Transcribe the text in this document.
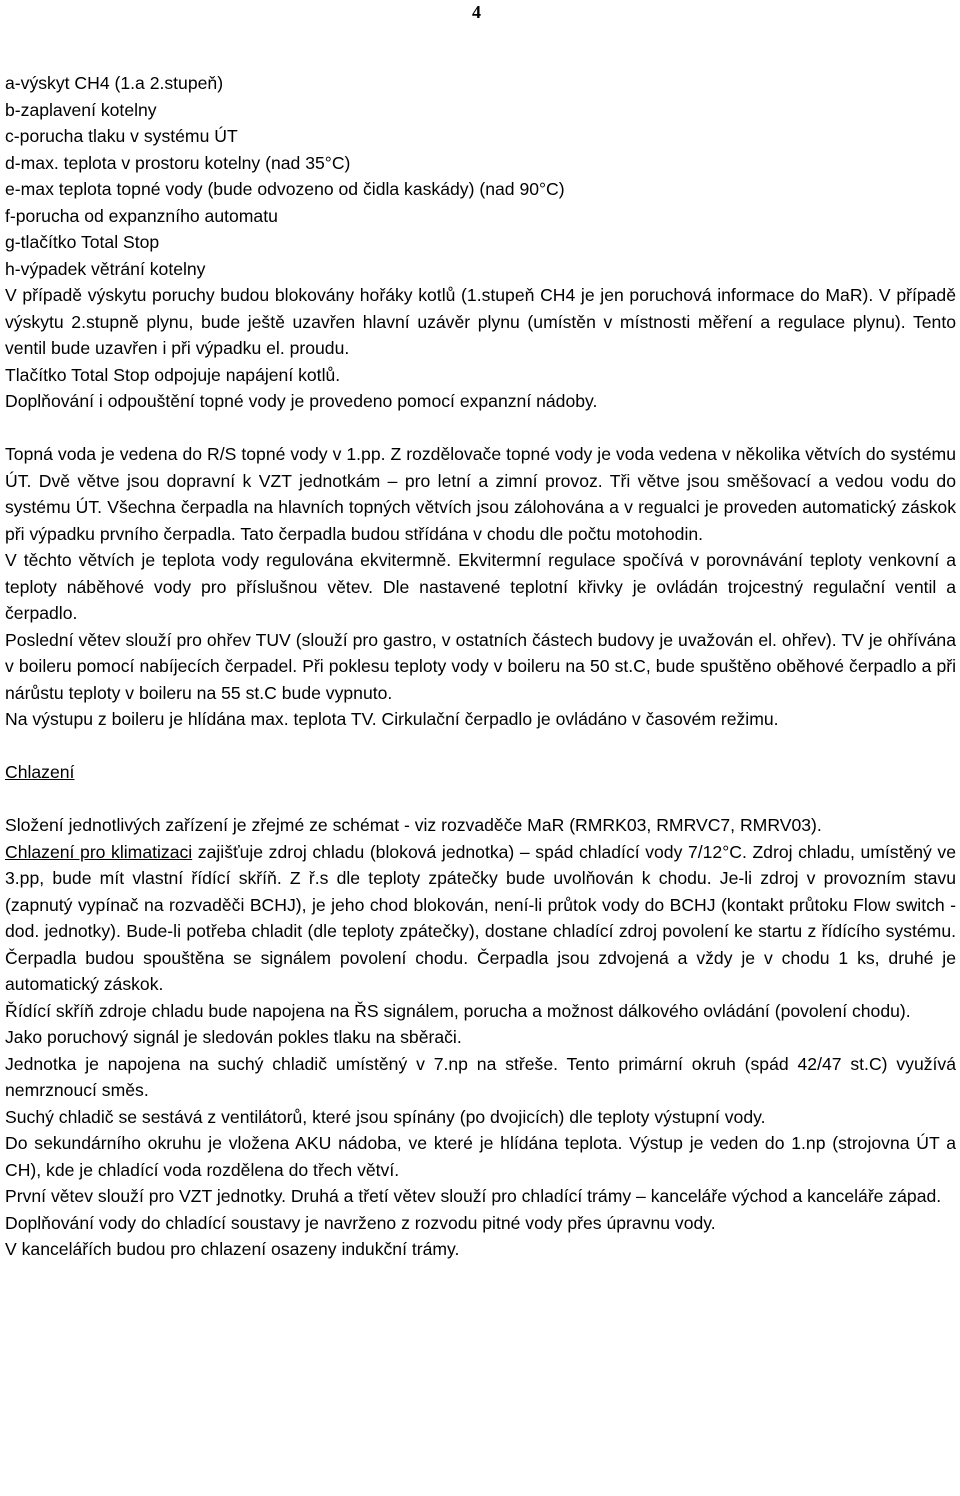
4
a-výskyt CH4 (1.a 2.stupeň)
b-zaplavení kotelny
c-porucha tlaku v systému ÚT
d-max. teplota v prostoru kotelny (nad 35°C)
e-max teplota topné vody (bude odvozeno od čidla kaskády) (nad 90°C)
f-porucha od expanzního automatu
g-tlačítko Total Stop
h-výpadek větrání kotelny
V případě výskytu poruchy budou blokovány hořáky kotlů (1.stupeň CH4 je jen poruchová informace do MaR). V případě výskytu 2.stupně plynu, bude ještě uzavřen hlavní uzávěr plynu (umístěn v místnosti měření a regulace plynu). Tento ventil bude uzavřen i při výpadku el. proudu.
Tlačítko Total Stop odpojuje napájení kotlů.
Doplňování i odpouštění topné vody je provedeno pomocí expanzní nádoby.
Topná voda je vedena do R/S topné vody v 1.pp. Z rozdělovače topné vody je voda vedena v několika větvích do systému ÚT. Dvě větve jsou dopravní k VZT jednotkám – pro letní a zimní provoz. Tři větve jsou směšovací a vedou vodu do systému ÚT. Všechna čerpadla na hlavních topných větvích jsou zálohována a v regualci je proveden automatický záskok při výpadku prvního čerpadla. Tato čerpadla budou střídána v chodu dle počtu motohodin.
V těchto větvích je teplota vody regulována ekvitermně. Ekvitermní regulace spočívá v porovnávání teploty venkovní a teploty náběhové vody pro příslušnou větev. Dle nastavené teplotní křivky je ovládán trojcestný regulační ventil a čerpadlo.
Poslední větev slouží pro ohřev TUV (slouží pro gastro, v ostatních částech budovy je uvažován el. ohřev). TV je ohřívána v boileru pomocí nabíjecích čerpadel. Při poklesu teploty vody v boileru na 50 st.C, bude spuštěno oběhové čerpadlo a při nárůstu teploty v boileru na 55 st.C bude vypnuto.
Na výstupu z boileru je hlídána max. teplota TV. Cirkulační čerpadlo je ovládáno v časovém režimu.
Chlazení
Složení jednotlivých zařízení je zřejmé ze schémat - viz rozvaděče MaR (RMRK03, RMRVC7, RMRV03).
Chlazení pro klimatizaci zajišťuje zdroj chladu (bloková jednotka) – spád chladící vody 7/12°C. Zdroj chladu, umístěný ve 3.pp, bude mít vlastní řídící skříň. Z ř.s dle teploty zpátečky bude uvolňován k chodu. Je-li zdroj v provozním stavu (zapnutý vypínač na rozvaděči BCHJ), je jeho chod blokován, není-li průtok vody do BCHJ (kontakt průtoku Flow switch - dod. jednotky). Bude-li potřeba chladit (dle teploty zpátečky), dostane chladící zdroj povolení ke startu z řídícího systému. Čerpadla budou spouštěna se signálem povolení chodu. Čerpadla jsou zdvojená a vždy je v chodu 1 ks, druhé je automatický záskok.
Řídící skříň zdroje chladu bude napojena na ŘS signálem, porucha a možnost dálkového ovládání (povolení chodu).
Jako poruchový signál je sledován pokles tlaku na sběrači.
Jednotka je napojena na suchý chladič umístěný v 7.np na střeše. Tento primární okruh (spád 42/47 st.C) využívá nemrznoucí směs.
Suchý chladič se sestává z ventilátorů, které jsou spínány (po dvojicích) dle teploty výstupní vody.
Do sekundárního okruhu je vložena AKU nádoba, ve které je hlídána teplota. Výstup je veden do 1.np (strojovna ÚT a CH), kde je chladící voda rozdělena do třech větví.
První větev slouží pro VZT jednotky. Druhá a třetí větev slouží pro chladící trámy – kanceláře východ a kanceláře západ.
Doplňování vody do chladící soustavy je navrženo z rozvodu pitné vody přes úpravnu vody.
V kancelářích budou pro chlazení osazeny indukční trámy.
